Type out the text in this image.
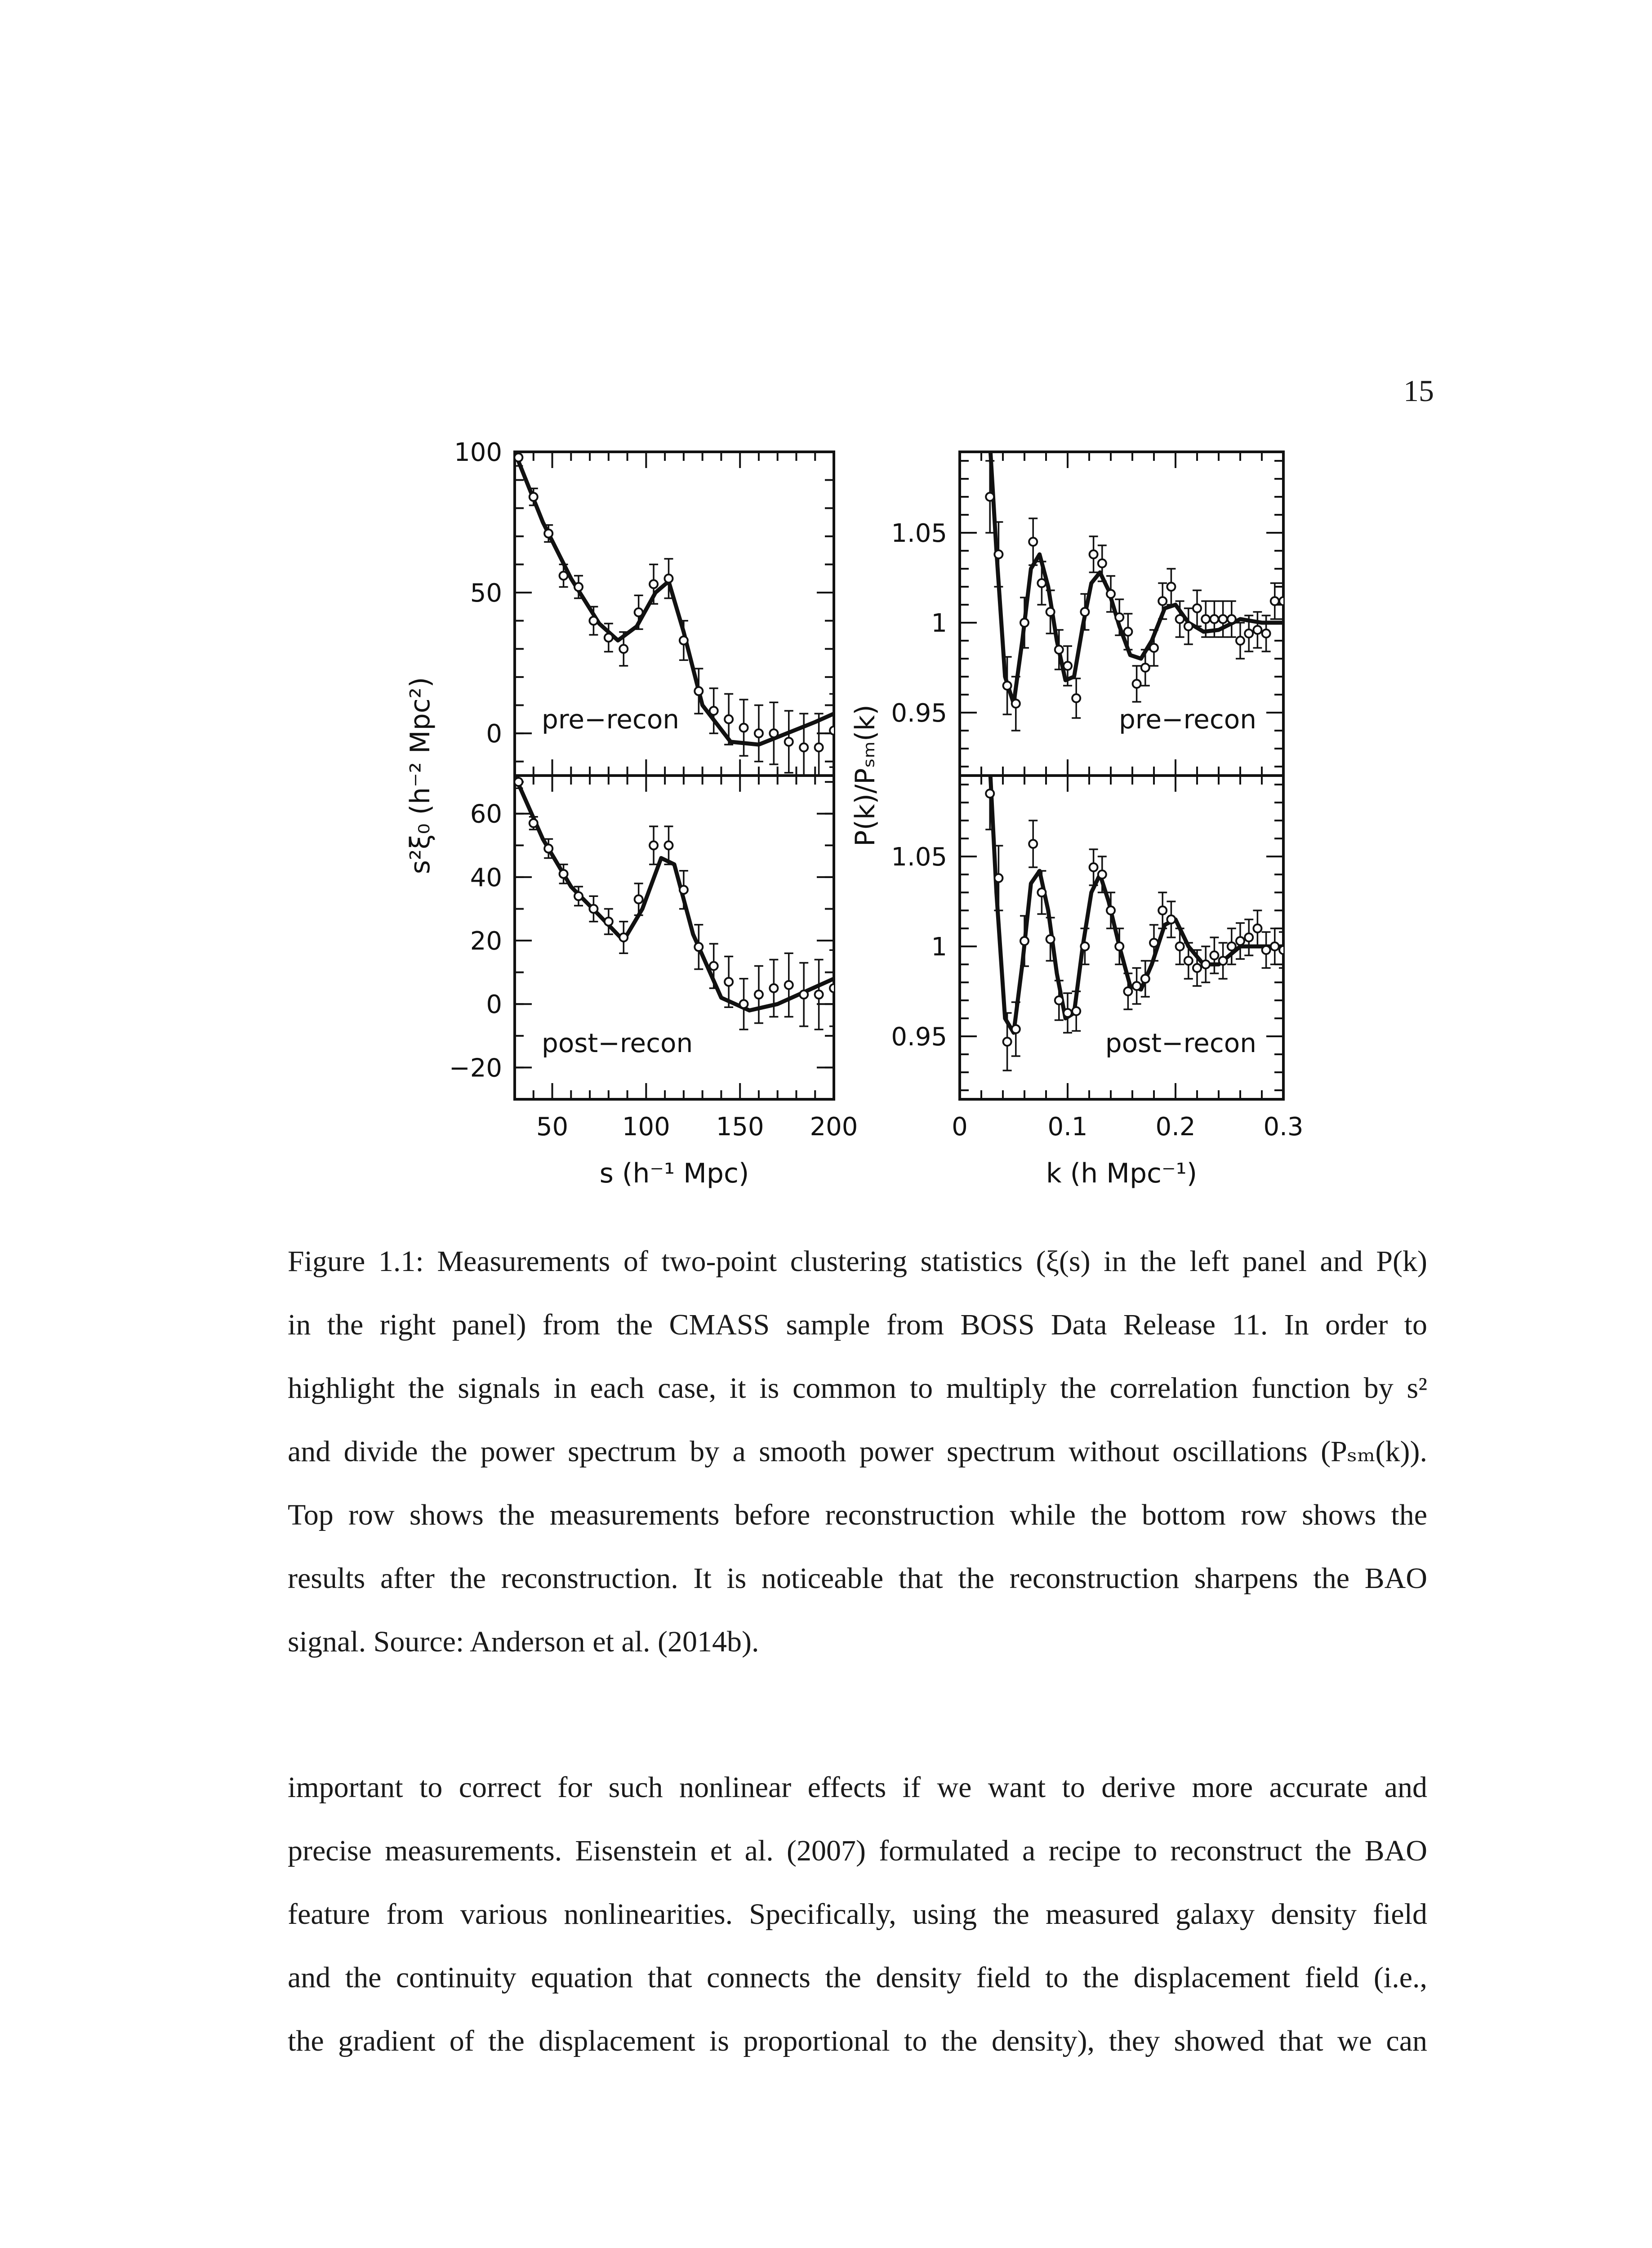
15
100
50
0 pre−recon
60
40
20
0
−20
50 100 150 200
s (h⁻¹ Mpc)
post−recon
1.05
1
0.95	pre−recon
1.05
1
0.95
0	0.1	0.2	0.3
k (h Mpc⁻¹)
post−recon
s²ξ₀ (h⁻² Mpc²)	P(k)/Pₛₘ(k)

Figure 1.1: Measurements of two-point clustering statistics (ξ(s) in the left panel and P(k)
in the right panel) from the CMASS sample from BOSS Data Release 11. In order to
highlight the signals in each case, it is common to multiply the correlation function by s²
and divide the power spectrum by a smooth power spectrum without oscillations (Pₛₘ(k)).
Top row shows the measurements before reconstruction while the bottom row shows the
results after the reconstruction. It is noticeable that the reconstruction sharpens the BAO
signal. Source: Anderson et al. (2014b).

important to correct for such nonlinear effects if we want to derive more accurate and
precise measurements. Eisenstein et al. (2007) formulated a recipe to reconstruct the BAO
feature from various nonlinearities. Specifically, using the measured galaxy density field
and the continuity equation that connects the density field to the displacement field (i.e.,
the gradient of the displacement is proportional to the density), they showed that we can
